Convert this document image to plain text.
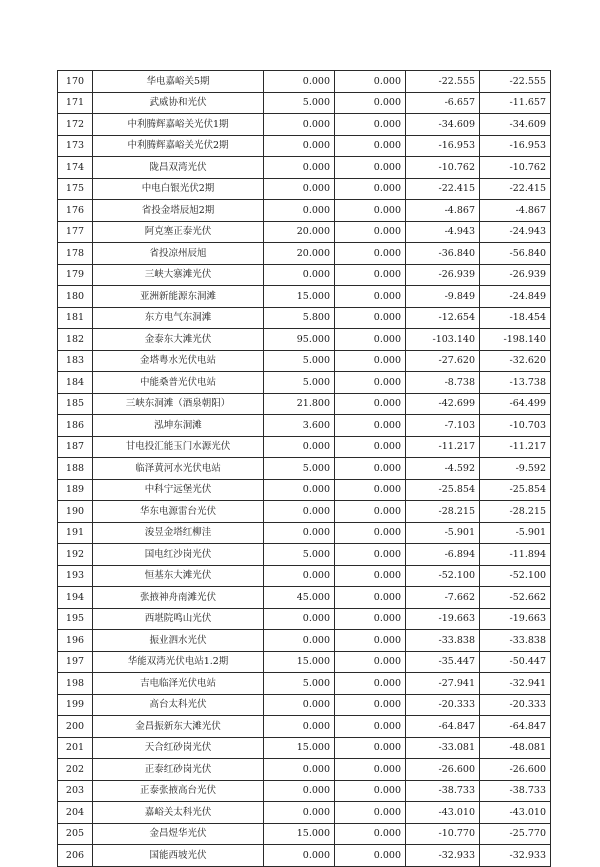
170	华电嘉峪关5期	0.000	0.000	-22.555	-22.555
171	武威协和光伏	5.000	0.000	-6.657	-11.657
172	中利腾辉嘉峪关光伏1期	0.000	0.000	-34.609	-34.609
173	中利腾辉嘉峪关光伏2期	0.000	0.000	-16.953	-16.953
174	陇昌双湾光伏	0.000	0.000	-10.762	-10.762
175	中电白银光伏2期	0.000	0.000	-22.415	-22.415
176	省投金塔辰旭2期	0.000	0.000	-4.867	-4.867
177	阿克塞正泰光伏	20.000	0.000	-4.943	-24.943
178	省投凉州辰旭	20.000	0.000	-36.840	-56.840
179	三峡大寨滩光伏	0.000	0.000	-26.939	-26.939
180	亚洲新能源东洞滩	15.000	0.000	-9.849	-24.849
181	东方电气东洞滩	5.800	0.000	-12.654	-18.454
182	金泰东大滩光伏	95.000	0.000	-103.140	-198.140
183	金塔粤水光伏电站	5.000	0.000	-27.620	-32.620
184	中能桑普光伏电站	5.000	0.000	-8.738	-13.738
185	三峡东洞滩（酒泉朝阳）	21.800	0.000	-42.699	-64.499
186	泓坤东洞滩	3.600	0.000	-7.103	-10.703
187	甘电投汇能玉门水源光伏	0.000	0.000	-11.217	-11.217
188	临泽黄河水光伏电站	5.000	0.000	-4.592	-9.592
189	中科宁远堡光伏	0.000	0.000	-25.854	-25.854
190	华东电源雷台光伏	0.000	0.000	-28.215	-28.215
191	浚昱金塔红柳洼	0.000	0.000	-5.901	-5.901
192	国电红沙岗光伏	5.000	0.000	-6.894	-11.894
193	恒基东大滩光伏	0.000	0.000	-52.100	-52.100
194	张掖神舟南滩光伏	45.000	0.000	-7.662	-52.662
195	西堪院鸣山光伏	0.000	0.000	-19.663	-19.663
196	振业泗水光伏	0.000	0.000	-33.838	-33.838
197	华能双湾光伏电站1.2期	15.000	0.000	-35.447	-50.447
198	吉电临泽光伏电站	5.000	0.000	-27.941	-32.941
199	高台太科光伏	0.000	0.000	-20.333	-20.333
200	金昌振新东大滩光伏	0.000	0.000	-64.847	-64.847
201	天合红砂岗光伏	15.000	0.000	-33.081	-48.081
202	正泰红砂岗光伏	0.000	0.000	-26.600	-26.600
203	正泰张掖高台光伏	0.000	0.000	-38.733	-38.733
204	嘉峪关太科光伏	0.000	0.000	-43.010	-43.010
205	金昌煜华光伏	15.000	0.000	-10.770	-25.770
206	国能西坡光伏	0.000	0.000	-32.933	-32.933
